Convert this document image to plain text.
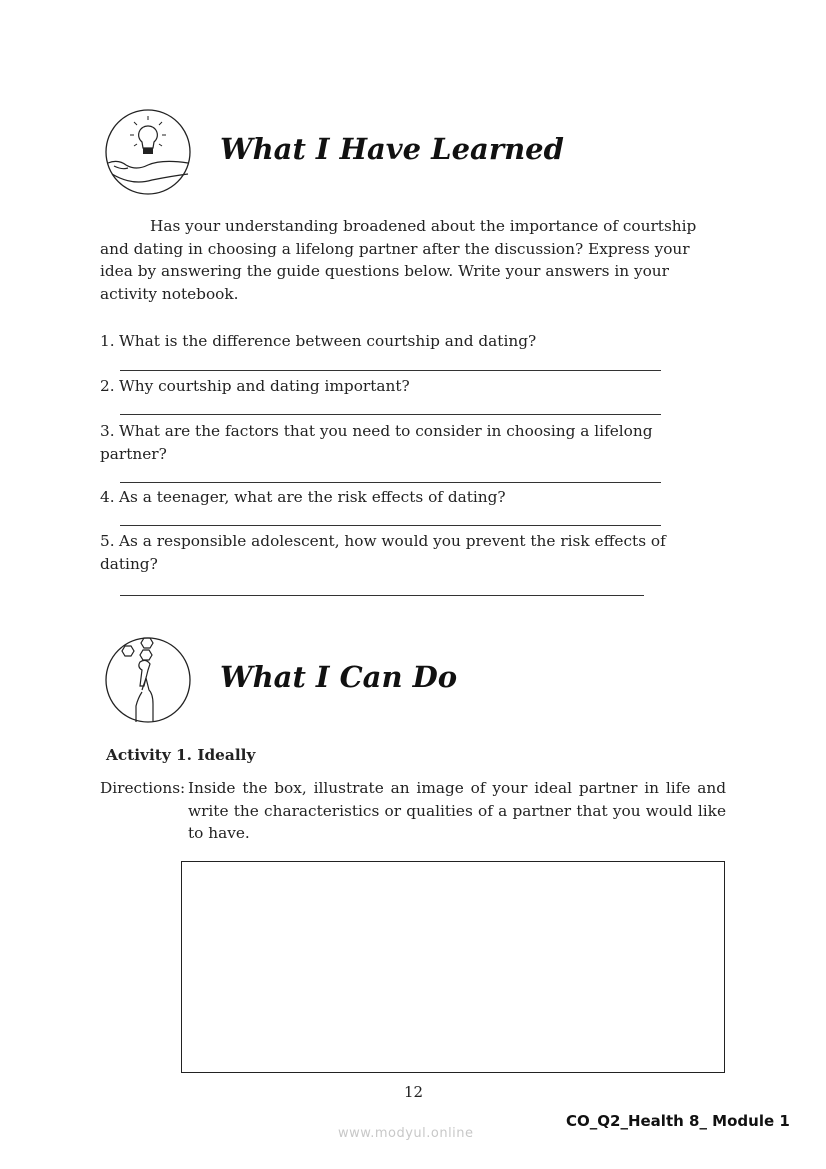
What I Have Learned
Has your understanding broadened about the importance of courtship and dating in choosing a lifelong partner after the discussion? Express your idea by answering the guide questions below. Write your answers in your activity notebook.
1. What is the difference between courtship and dating?
2. Why courtship and dating important?
3. What are the factors that you need to consider in choosing a lifelong partner?
4. As a teenager, what are the risk effects of dating?
5. As a responsible adolescent, how would you prevent the risk effects of dating?
What I Can Do
Activity 1. Ideally
Directions: Inside the box, illustrate an image of your ideal partner in life and write the characteristics or qualities of a partner that you would like to have.
12
CO_Q2_Health 8_ Module 1
www.modyul.online
